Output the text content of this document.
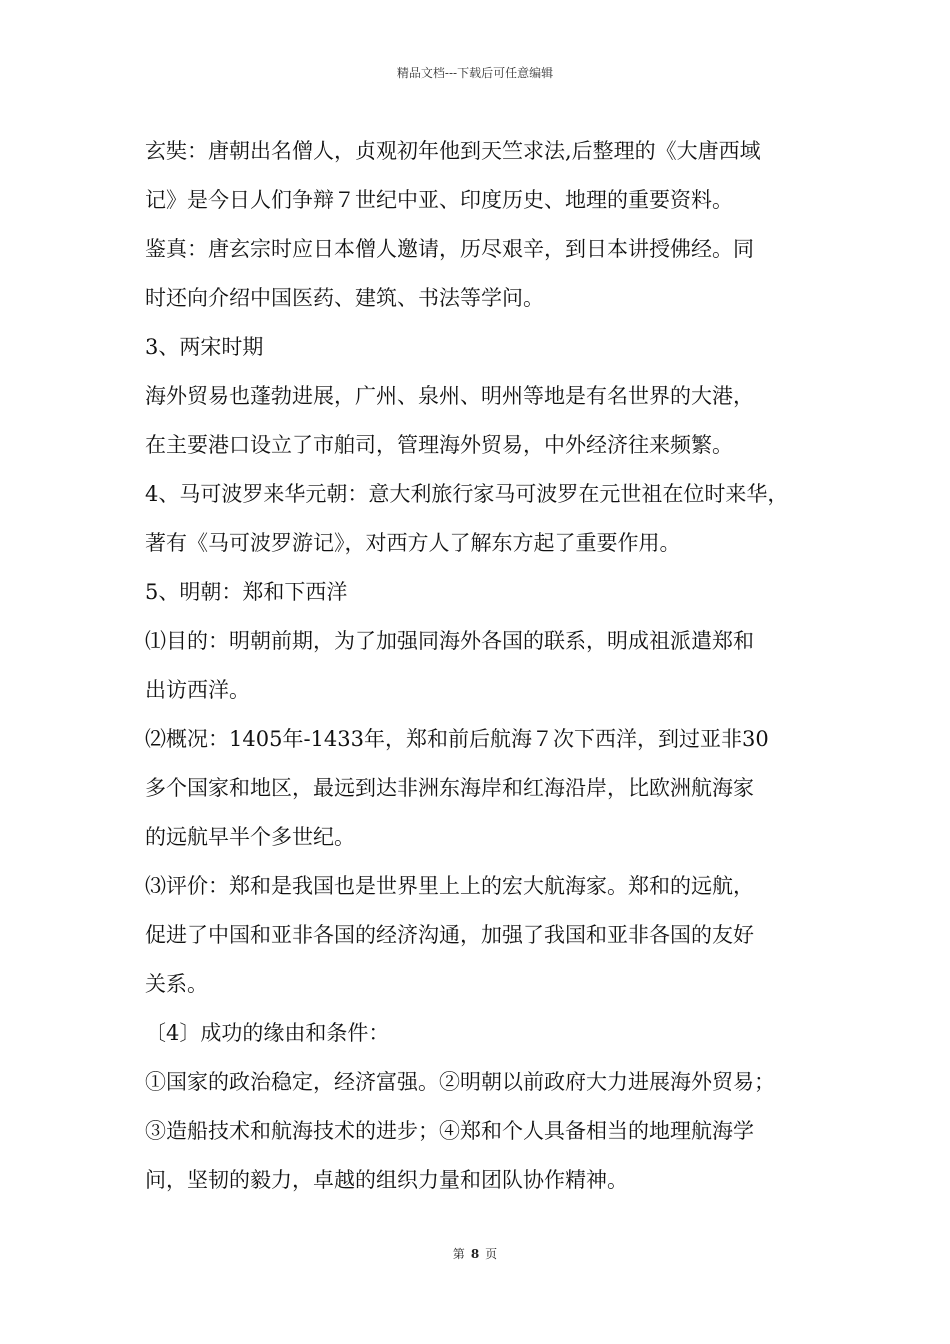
精品文档---下载后可任意编辑
玄奘：唐朝出名僧人，贞观初年他到天竺求法,后整理的《大唐西域
记》是今日人们争辩７世纪中亚、印度历史、地理的重要资料。
鉴真：唐玄宗时应日本僧人邀请，历尽艰辛，到日本讲授佛经。同
时还向介绍中国医药、建筑、书法等学问。
3、两宋时期
海外贸易也蓬勃进展，广州、泉州、明州等地是有名世界的大港，
在主要港口设立了市舶司，管理海外贸易，中外经济往来频繁。
4、马可波罗来华元朝：意大利旅行家马可波罗在元世祖在位时来华，
著有《马可波罗游记》，对西方人了解东方起了重要作用。
5、明朝：郑和下西洋
⑴目的：明朝前期，为了加强同海外各国的联系，明成祖派遣郑和
出访西洋。
⑵概况：1405年-1433年，郑和前后航海７次下西洋，到过亚非30
多个国家和地区，最远到达非洲东海岸和红海沿岸，比欧洲航海家
的远航早半个多世纪。
⑶评价：郑和是我国也是世界里上上的宏大航海家。郑和的远航，
促进了中国和亚非各国的经济沟通，加强了我国和亚非各国的友好
关系。
〔4〕成功的缘由和条件：
①国家的政治稳定，经济富强。②明朝以前政府大力进展海外贸易；
③造船技术和航海技术的进步；④郑和个人具备相当的地理航海学
问，坚韧的毅力，卓越的组织力量和团队协作精神。
第 8 页
